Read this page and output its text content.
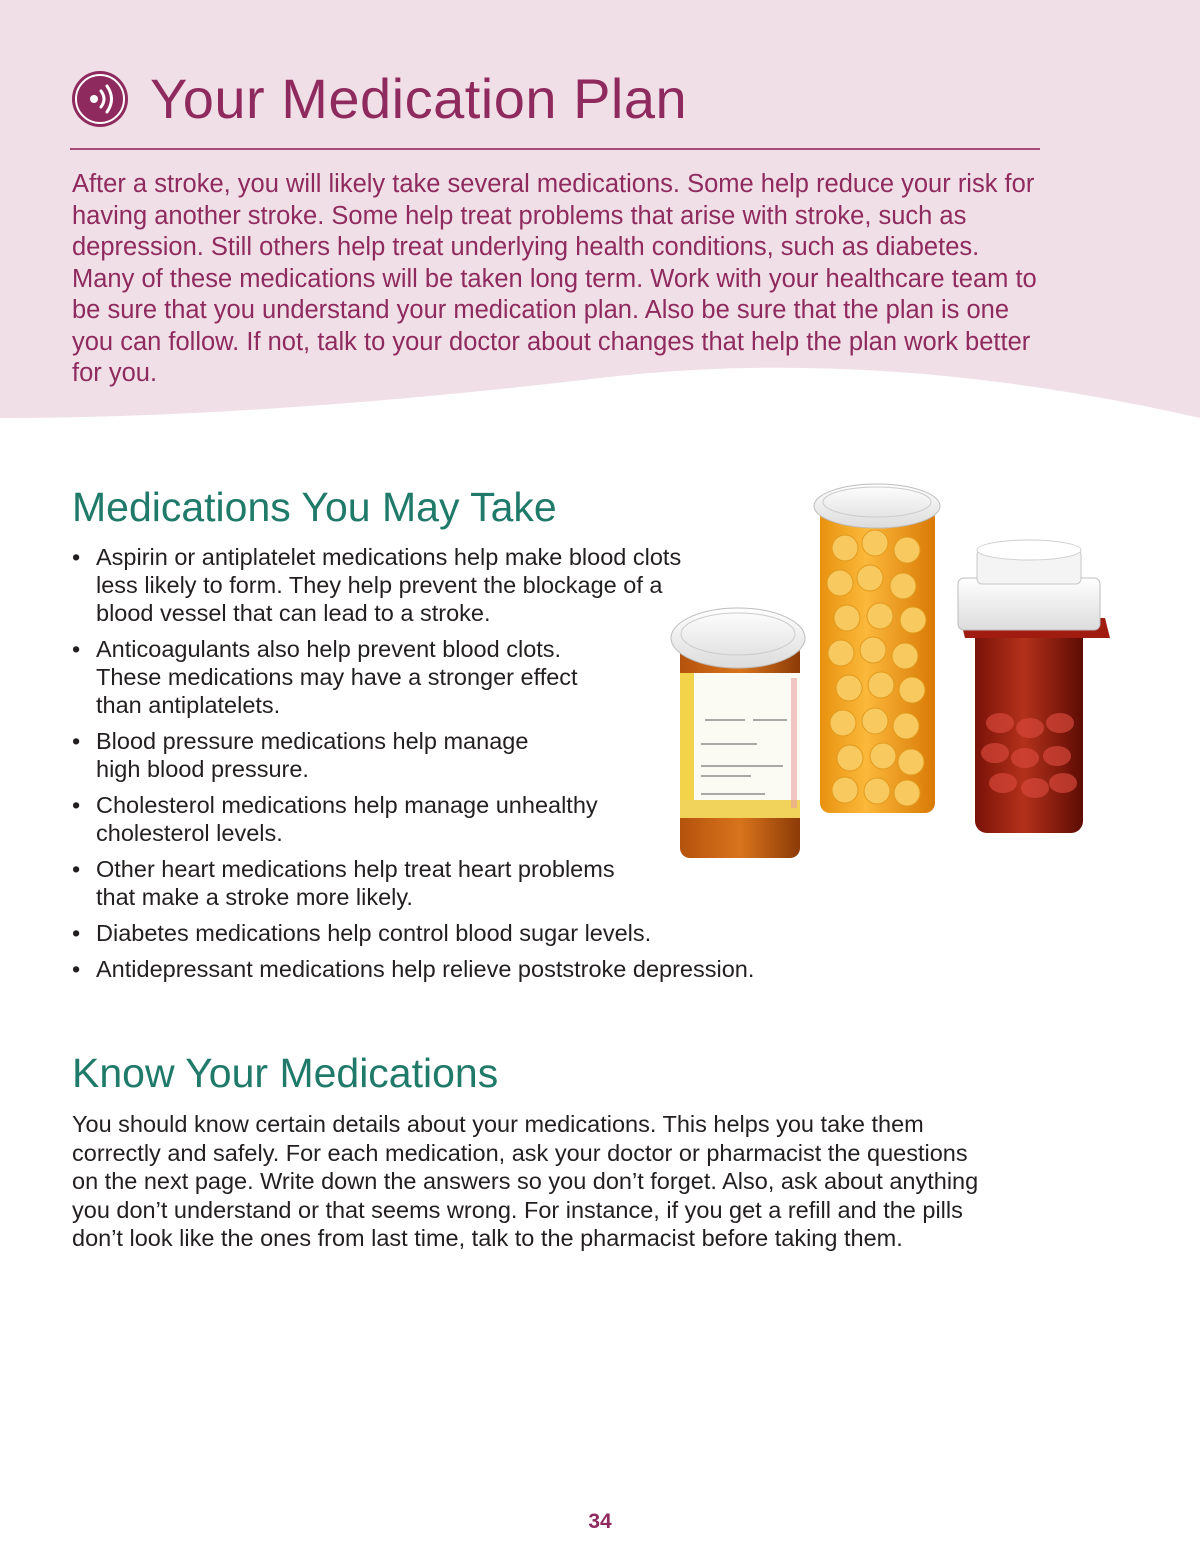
Your Medication Plan

After a stroke, you will likely take several medications. Some help reduce your risk for having another stroke. Some help treat problems that arise with stroke, such as depression. Still others help treat underlying health conditions, such as diabetes. Many of these medications will be taken long term. Work with your healthcare team to be sure that you understand your medication plan. Also be sure that the plan is one you can follow. If not, talk to your doctor about changes that help the plan work better for you.

Medications You May Take
• Aspirin or antiplatelet medications help make blood clots less likely to form. They help prevent the blockage of a blood vessel that can lead to a stroke.
• Anticoagulants also help prevent blood clots. These medications may have a stronger effect than antiplatelets.
• Blood pressure medications help manage high blood pressure.
• Cholesterol medications help manage unhealthy cholesterol levels.
• Other heart medications help treat heart problems that make a stroke more likely.
• Diabetes medications help control blood sugar levels.
• Antidepressant medications help relieve poststroke depression.
Know Your Medications

You should know certain details about your medications. This helps you take them correctly and safely. For each medication, ask your doctor or pharmacist the questions on the next page. Write down the answers so you don’t forget. Also, ask about anything you don’t understand or that seems wrong. For instance, if you get a refill and the pills don’t look like the ones from last time, talk to the pharmacist before taking them.

34
